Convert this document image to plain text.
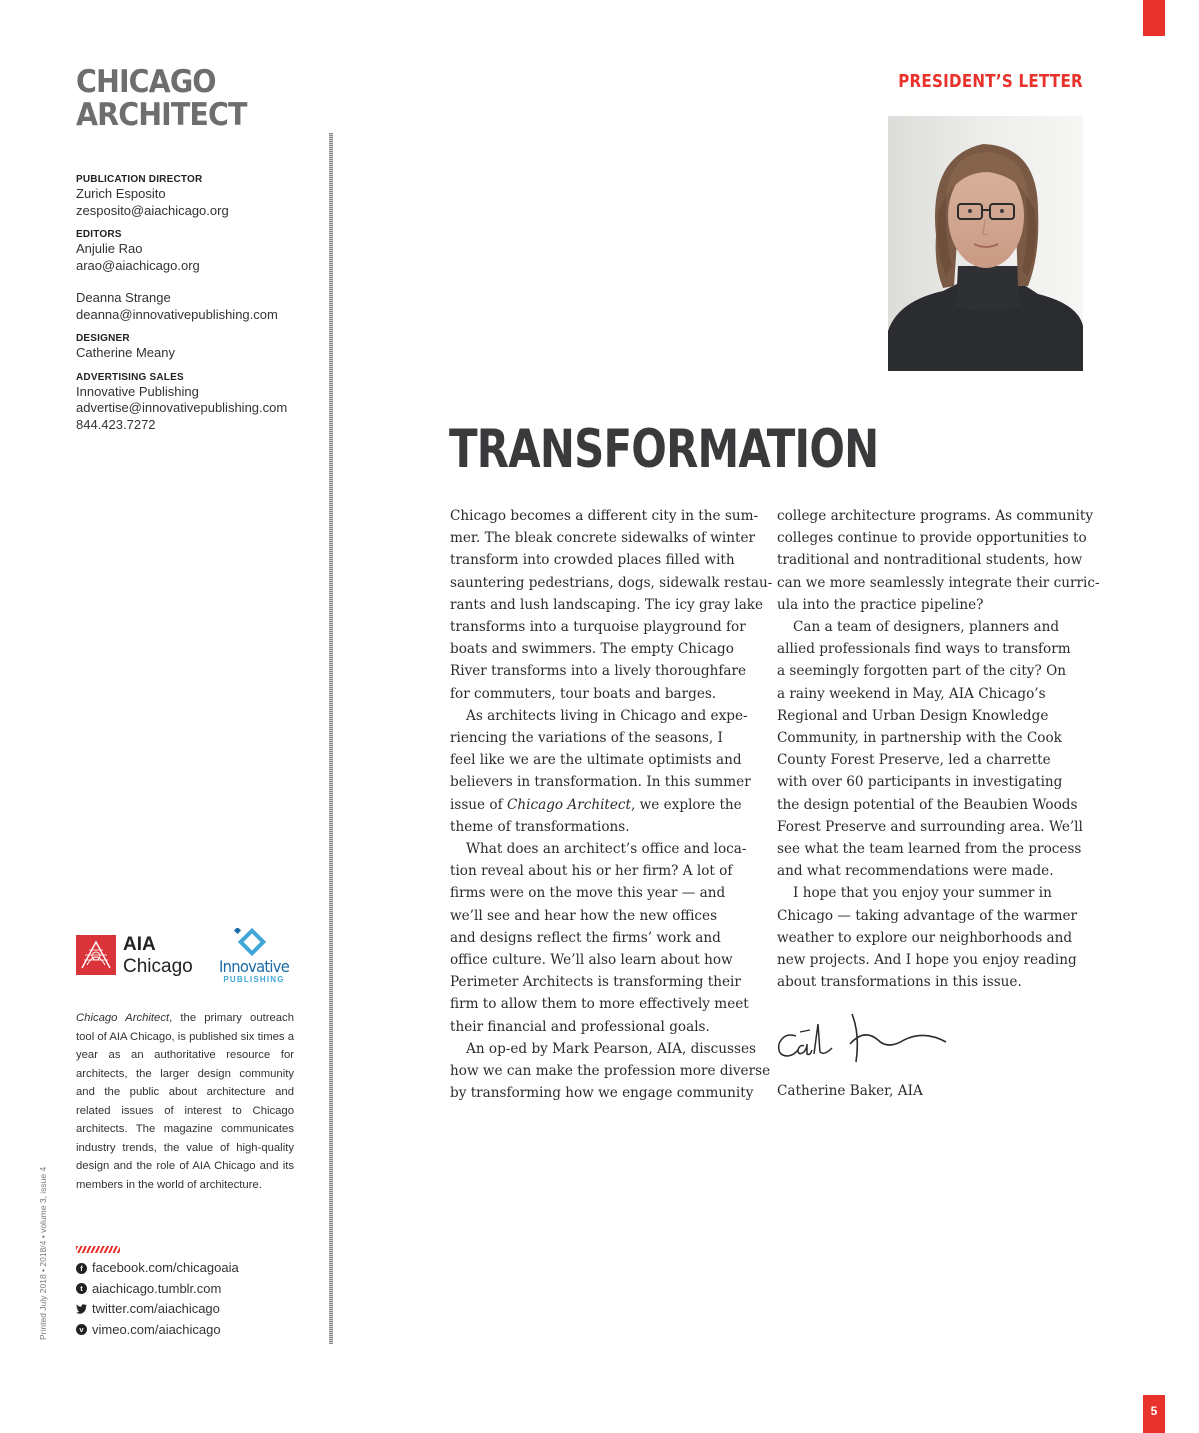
5
CHICAGO
ARCHITECT
PUBLICATION DIRECTOR
Zurich Esposito
zesposito@aiachicago.org
EDITORS
Anjulie Rao
arao@aiachicago.org
Deanna Strange
deanna@innovativepublishing.com
DESIGNER
Catherine Meany
ADVERTISING SALES
Innovative Publishing
advertise@innovativepublishing.com
844.423.7272
AIA
Chicago	Innovative
PUBLISHING
Chicago Architect, the primary outreach tool of AIA Chicago, is published six times a year as an authoritative resource for architects, the larger design community and the public about architecture and related issues of interest to Chicago architects. The magazine communicates industry trends, the value of high-quality design and the role of AIA Chicago and its members in the world of architecture.
Printed July 2018 • 2018/4 • volume 3, issue 4	f facebook.com/chicagoaia
t aiachicago.tumblr.com
twitter.com/aiachicago
v vimeo.com/aiachicago
PRESIDENT’S LETTER
TRANSFORMATION
Chicago becomes a different city in the sum-
mer. The bleak concrete sidewalks of winter
transform into crowded places filled with
sauntering pedestrians, dogs, sidewalk restau-
rants and lush landscaping. The icy gray lake
transforms into a turquoise playground for
boats and swimmers. The empty Chicago
River transforms into a lively thoroughfare
for commuters, tour boats and barges.
As architects living in Chicago and expe-
riencing the variations of the seasons, I
feel like we are the ultimate optimists and
believers in transformation. In this summer
issue of Chicago Architect, we explore the
theme of transformations.
What does an architect’s office and loca-
tion reveal about his or her firm? A lot of
firms were on the move this year — and
we’ll see and hear how the new offices
and designs reflect the firms’ work and
office culture. We’ll also learn about how
Perimeter Architects is transforming their
firm to allow them to more effectively meet
their financial and professional goals.
An op-ed by Mark Pearson, AIA, discusses
how we can make the profession more diverse
by transforming how we engage community
college architecture programs. As community
colleges continue to provide opportunities to
traditional and nontraditional students, how
can we more seamlessly integrate their curric-
ula into the practice pipeline?
Can a team of designers, planners and
allied professionals find ways to transform
a seemingly forgotten part of the city? On
a rainy weekend in May, AIA Chicago’s
Regional and Urban Design Knowledge
Community, in partnership with the Cook
County Forest Preserve, led a charrette
with over 60 participants in investigating
the design potential of the Beaubien Woods
Forest Preserve and surrounding area. We’ll
see what the team learned from the process
and what recommendations were made.
I hope that you enjoy your summer in
Chicago — taking advantage of the warmer
weather to explore our neighborhoods and
new projects. And I hope you enjoy reading
about transformations in this issue.
Catherine Baker, AIA
